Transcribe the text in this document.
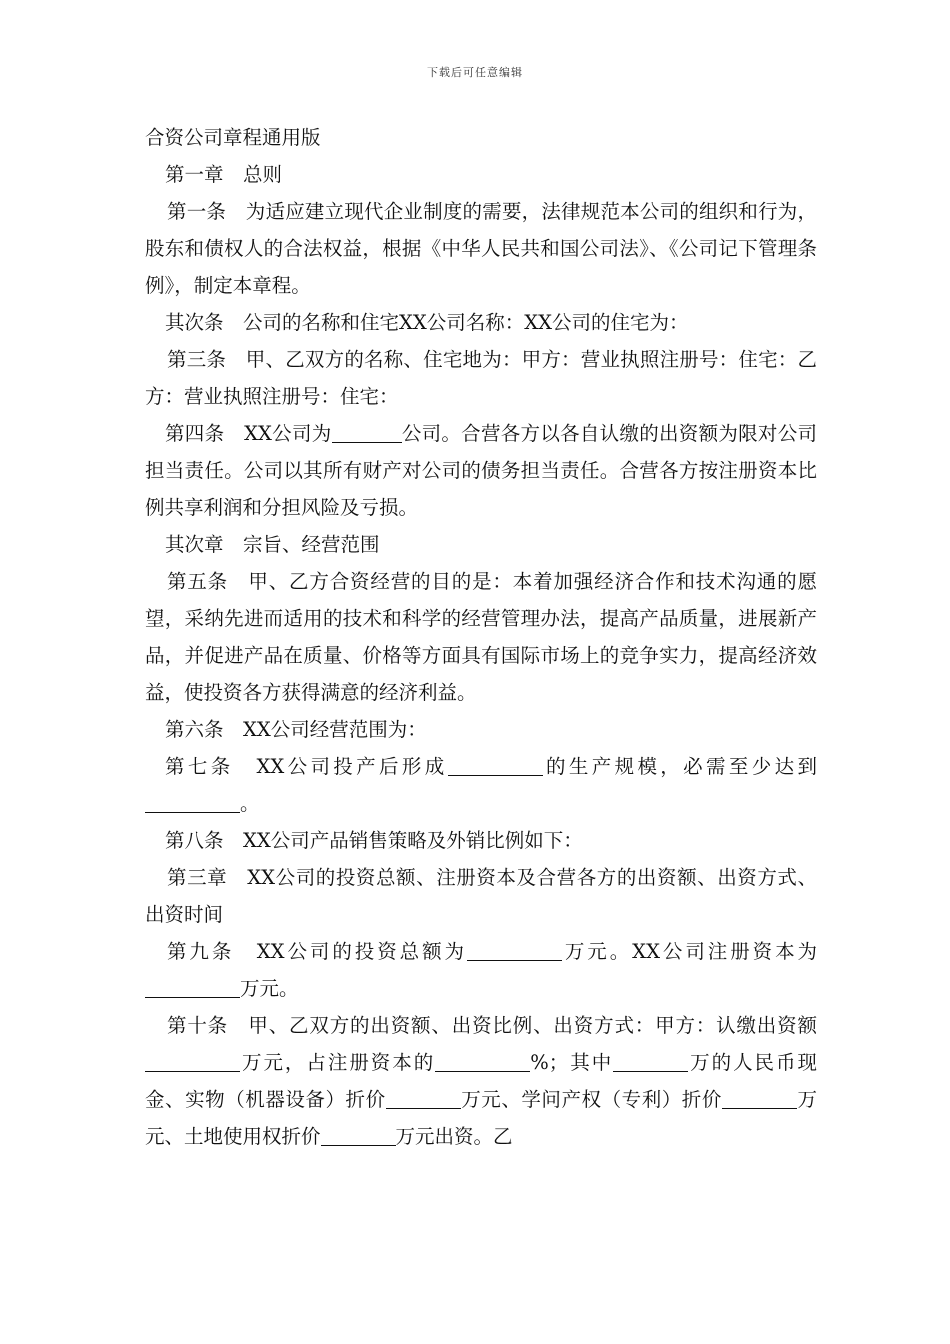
下载后可任意编辑

合资公司章程通用版

第一章　总则

第一条　为适应建立现代企业制度的需要，法律规范本公司的组织和行为，股东和债权人的合法权益，根据《中华人民共和国公司法》、《公司记下管理条例》，制定本章程。

其次条　公司的名称和住宅XX公司名称：XX公司的住宅为：

第三条　甲、乙双方的名称、住宅地为：甲方：营业执照注册号：住宅：乙方：营业执照注册号：住宅：

第四条　XX公司为	公司。合营各方以各自认缴的出资额为限对公司担当责任。公司以其所有财产对公司的债务担当责任。合营各方按注册资本比例共享利润和分担风险及亏损。

其次章　宗旨、经营范围

第五条　甲、乙方合资经营的目的是：本着加强经济合作和技术沟通的愿望，采纳先进而适用的技术和科学的经营管理办法，提高产品质量，进展新产品，并促进产品在质量、价格等方面具有国际市场上的竞争实力，提高经济效益，使投资各方获得满意的经济利益。

第六条　XX公司经营范围为：

第七条　XX公司投产后形成	的生产规模，必需至少达到。

第八条　XX公司产品销售策略及外销比例如下：

第三章　XX公司的投资总额、注册资本及合营各方的出资额、出资方式、出资时间

第九条　XX公司的投资总额为	万元。XX公司注册资本为万元。

第十条　甲、乙双方的出资额、出资比例、出资方式：甲方：认缴出资额万元，占注册资本的	%；其中	万的人民币现金、实物（机器设备）折价	万元、学问产权（专利）折价	万元、土地使用权折价	万元出资。乙
